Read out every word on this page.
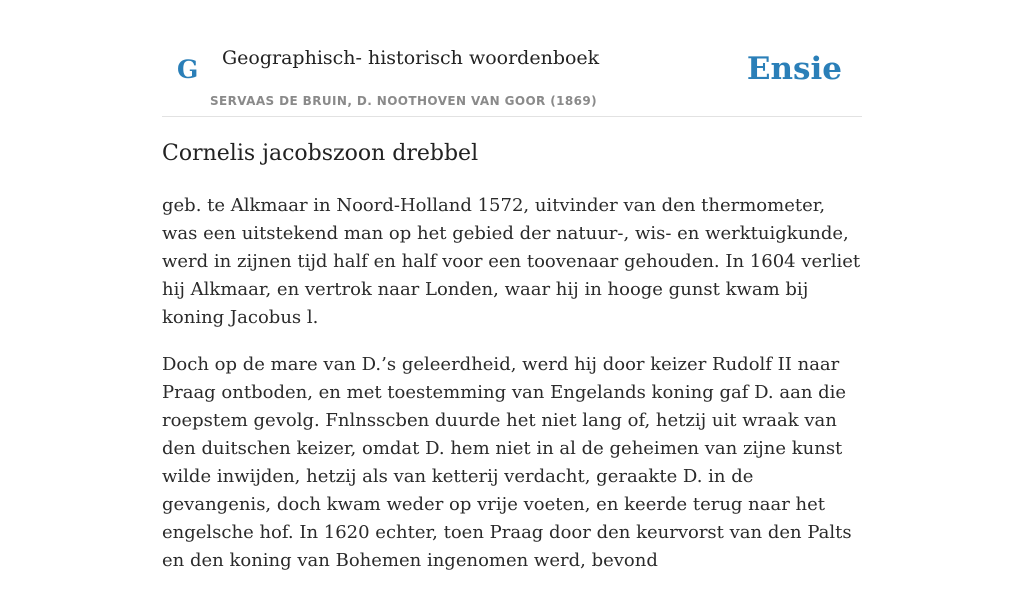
G Geographisch- historisch woordenboek
SERVAAS DE BRUIN, D. NOOTHOVEN VAN GOOR (1869)
Ensie
Cornelis jacobszoon drebbel

geb. te Alkmaar in Noord-Holland 1572, uitvinder van den thermometer, was een uitstekend man op het gebied der natuur-, wis- en werktuigkunde, werd in zijnen tijd half en half voor een toovenaar gehouden. In 1604 verliet hij Alkmaar, en vertrok naar Londen, waar hij in hooge gunst kwam bij koning Jacobus l.

Doch op de mare van D.’s geleerdheid, werd hij door keizer Rudolf II naar Praag ontboden, en met toestemming van Engelands koning gaf D. aan die roepstem gevolg. Fnlnsscben duurde het niet lang of, hetzij uit wraak van den duitschen keizer, omdat D. hem niet in al de geheimen van zijne kunst wilde inwijden, hetzij als van ketterij verdacht, geraakte D. in de gevangenis, doch kwam weder op vrije voeten, en keerde terug naar het engelsche hof. In 1620 echter, toen Praag door den keurvorst van den Palts en den koning van Bohemen ingenomen werd, bevond
